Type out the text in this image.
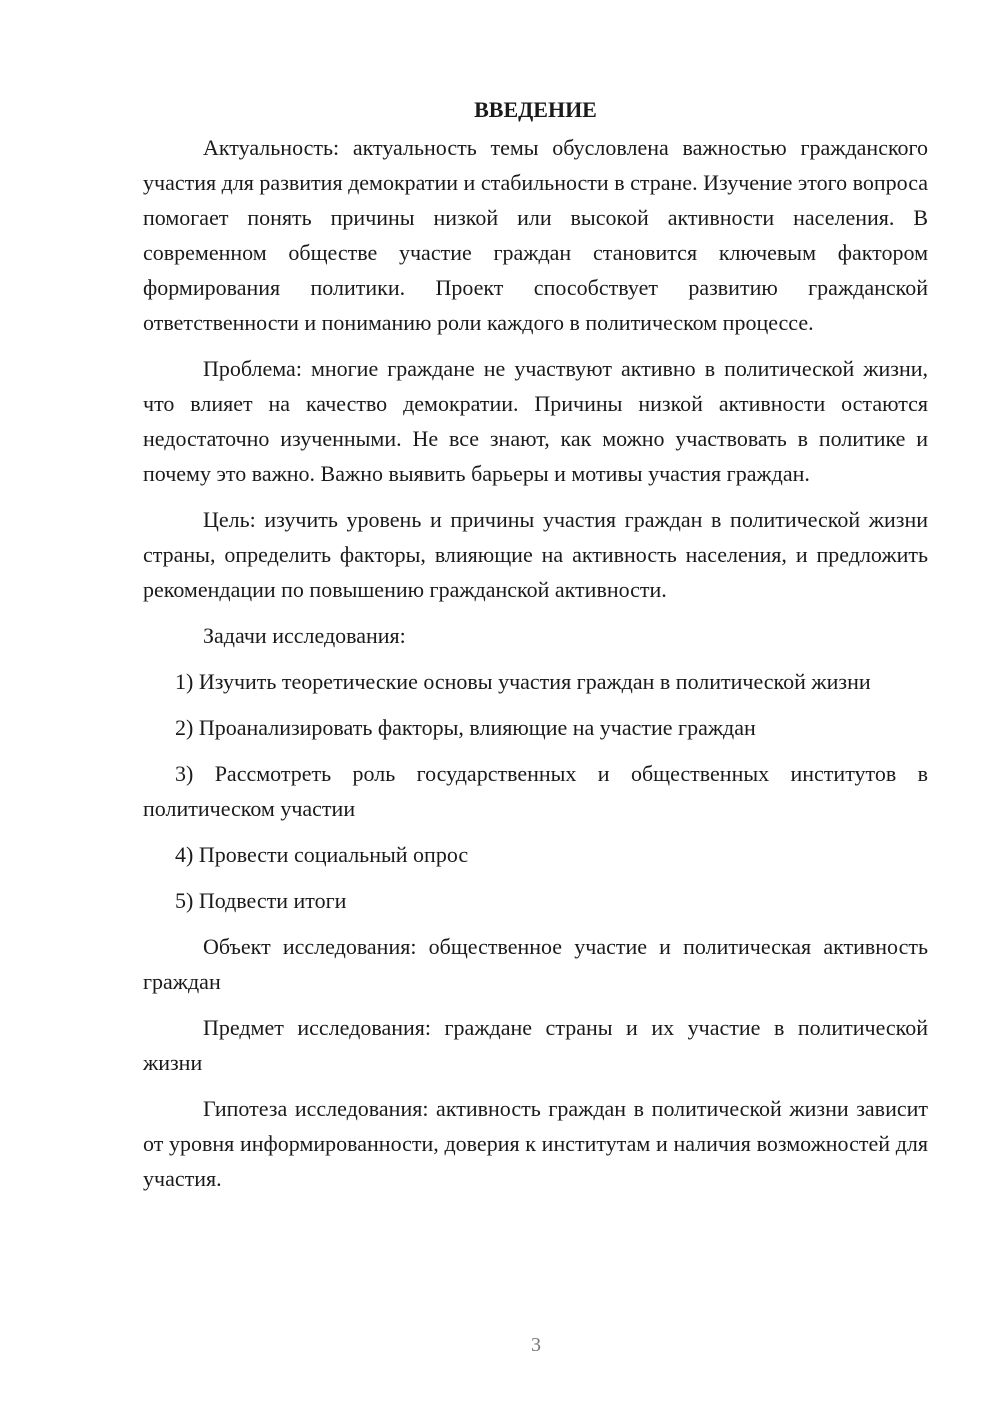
ВВЕДЕНИЕ

Актуальность: актуальность темы обусловлена важностью гражданского участия для развития демократии и стабильности в стране. Изучение этого вопроса помогает понять причины низкой или высокой активности населения. В современном обществе участие граждан становится ключевым фактором формирования политики. Проект способствует развитию гражданской ответственности и пониманию роли каждого в политическом процессе.

Проблема: многие граждане не участвуют активно в политической жизни, что влияет на качество демократии. Причины низкой активности остаются недостаточно изученными. Не все знают, как можно участвовать в политике и почему это важно. Важно выявить барьеры и мотивы участия граждан.

Цель: изучить уровень и причины участия граждан в политической жизни страны, определить факторы, влияющие на активность населения, и предложить рекомендации по повышению гражданской активности.

Задачи исследования:

1) Изучить теоретические основы участия граждан в политической жизни

2) Проанализировать факторы, влияющие на участие граждан

3) Рассмотреть роль государственных и общественных институтов в политическом участии

4) Провести социальный опрос

5) Подвести итоги

Объект исследования: общественное участие и политическая активность граждан

Предмет исследования: граждане страны и их участие в политической жизни

Гипотеза исследования: активность граждан в политической жизни зависит от уровня информированности, доверия к институтам и наличия возможностей для участия.

3
